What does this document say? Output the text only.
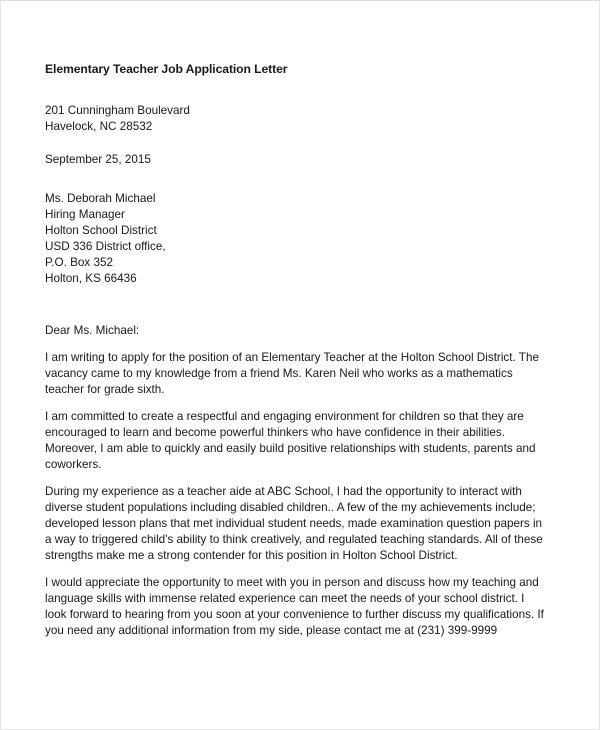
Elementary Teacher Job Application Letter
201 Cunningham Boulevard
Havelock, NC 28532
September 25, 2015
Ms. Deborah Michael
Hiring Manager
Holton School District
USD 336 District office,
P.O. Box 352
Holton, KS 66436
Dear Ms. Michael:

I am writing to apply for the position of an Elementary Teacher at the Holton School District. The vacancy came to my knowledge from a friend Ms. Karen Neil who works as a mathematics teacher for grade sixth.

I am committed to create a respectful and engaging environment for children so that they are encouraged to learn and become powerful thinkers who have confidence in their abilities. Moreover, I am able to quickly and easily build positive relationships with students, parents and coworkers.

During my experience as a teacher aide at ABC School, I had the opportunity to interact with diverse student populations including disabled children.. A few of the my achievements include; developed lesson plans that met individual student needs, made examination question papers in a way to triggered child's ability to think creatively, and regulated teaching standards. All of these strengths make me a strong contender for this position in Holton School District.

I would appreciate the opportunity to meet with you in person and discuss how my teaching and language skills with immense related experience can meet the needs of your school district. I look forward to hearing from you soon at your convenience to further discuss my qualifications. If you need any additional information from my side, please contact me at (231) 399-9999
